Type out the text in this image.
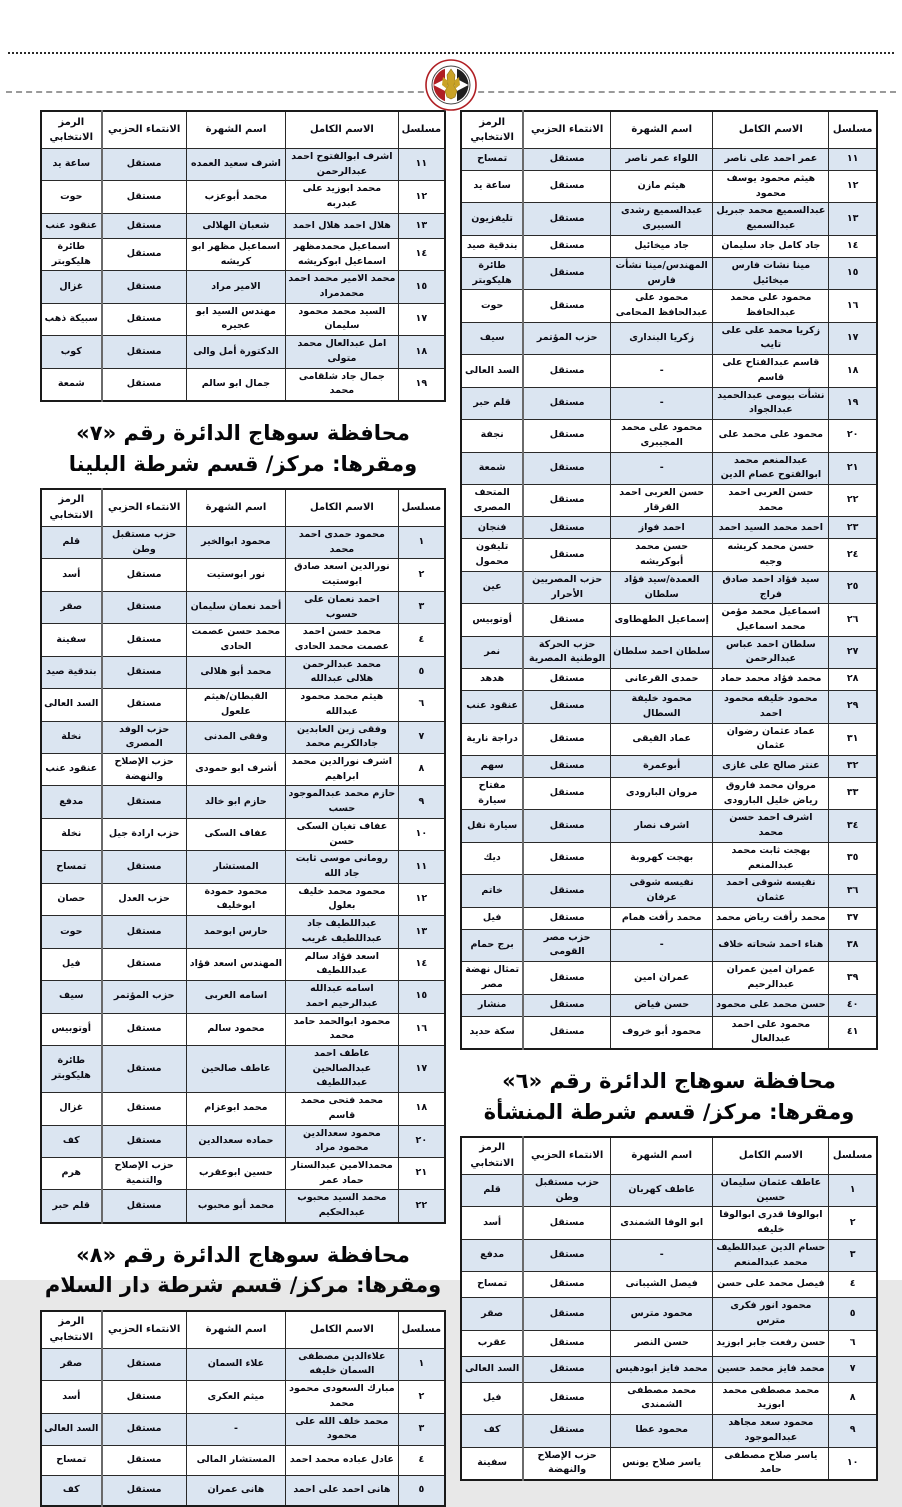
مسلسل	الاسم الكامل	اسم الشهرة	الانتماء الحزبي	الرمز الانتخابي
١١	عمر احمد على ناصر	اللواء عمر ناصر	مستقل	تمساح
١٢	هيثم محمود يوسف محمود	هيثم مازن	مستقل	ساعة يد
١٣	عبدالسميع محمد جبريل عبدالسميع	عبدالسميع رشدى السبيرى	مستقل	تليفزيون
١٤	جاد كامل جاد سليمان	جاد ميخائيل	مستقل	بندقية صيد
١٥	مينا نشات فارس ميخائيل	المهندس/مينا نشأت فارس	مستقل	طائرة هليكوبتر
١٦	محمود على محمد عبدالحافظ	محمود على عبدالحافظ المحامى	مستقل	حوت
١٧	زكريا محمد على على تايب	زكريا البندارى	حزب المؤتمر	سيف
١٨	قاسم عبدالفتاح على قاسم	-	مستقل	السد العالى
١٩	نشأت بيومى عبدالحميد عبدالجواد	-	مستقل	قلم حبر
٢٠	محمود على محمد على	محمود على محمد المجيبرى	مستقل	نجفة
٢١	عبدالمنعم محمد ابوالفتوح عصام الدين	-	مستقل	شمعة
٢٢	حسن العربى احمد محمد	حسن العربى احمد القرقار	مستقل	المتحف المصرى
٢٣	احمد محمد السيد احمد	احمد فواز	مستقل	فنجان
٢٤	حسن محمد كريشه وجيه	حسن محمد أبوكريشه	مستقل	تليفون محمول
٢٥	سيد فؤاد احمد صادق فراج	العمدة/سيد فؤاد سلطان	حزب المصريين الأحرار	عين
٢٦	اسماعيل محمد مؤمن محمد اسماعيل	إسماعيل الطهطاوى	مستقل	أوتوبيس
٢٧	سلطان احمد عباس عبدالرحمن	سلطان احمد سلطان	حزب الحركة الوطنية المصرية	نمر
٢٨	محمد فؤاد محمد حماد	حمدى القرعانى	مستقل	هدهد
٢٩	محمود خليفه محمود احمد	محمود خليفة السطال	مستقل	عنقود عنب
٣١	عماد عثمان رضوان عثمان	عماد القيقى	مستقل	دراجة نارية
٣٢	عنتر صالح على غازى	أبوعمرة	مستقل	سهم
٣٣	مروان محمد فاروق رياض خليل البارودى	مروان البارودى	مستقل	مفتاح سيارة
٣٤	اشرف احمد حسن محمد	اشرف نصار	مستقل	سيارة نقل
٣٥	بهجت ثابت محمد عبدالمنعم	بهجت كهروبة	مستقل	ديك
٣٦	نفيسه شوقى احمد عثمان	نفيسه شوقى عرفان	مستقل	خاتم
٣٧	محمد رأفت رياض محمد	محمد رأفت همام	مستقل	فيل
٣٨	هناء احمد شحاته خلاف	-	حزب مصر القومى	برج حمام
٣٩	عمران امين عمران عبدالرحيم	عمران امين	مستقل	تمثال نهضة مصر
٤٠	حسن محمد على محمود	حسن فياض	مستقل	منشار
٤١	محمود على احمد عبدالعال	محمود أبو خروف	مستقل	سكة حديد
محافظة سوهاج الدائرة رقم «٦»
ومقرها: مركز/ قسم شرطة المنشأة
مسلسل	الاسم الكامل	اسم الشهرة	الانتماء الحزبي	الرمز الانتخابي
١	عاطف عثمان سليمان حسين	عاطف كهربان	حزب مستقبل وطن	قلم
٢	ابوالوفا قدرى ابوالوفا خليفه	ابو الوفا الشمندى	مستقل	أسد
٣	حسام الدين عبداللطيف محمد عبدالمنعم	-	مستقل	مدفع
٤	فيصل محمد على حسن	فيصل الشيبانى	مستقل	تمساح
٥	محمود انور فكرى مترس	محمود مترس	مستقل	صقر
٦	حسن رفعت جابر ابوزيد	حسن النصر	مستقل	عقرب
٧	محمد فايز محمد حسين	محمد فايز ابودهيس	مستقل	السد العالى
٨	محمد مصطفى محمد ابوزيد	محمد مصطفى الشمندى	مستقل	فيل
٩	محمود سعد مجاهد عبدالموجود	محمود عطا	مستقل	كف
١٠	ياسر صلاح مصطفى حامد	ياسر صلاح يونس	حزب الإصلاح والنهضة	سفينة
مسلسل	الاسم الكامل	اسم الشهرة	الانتماء الحزبي	الرمز الانتخابي
١١	اشرف ابوالفتوح احمد عبدالرحمن	اشرف سعيد العمده	مستقل	ساعة يد
١٢	محمد ابوزيد على عبدربه	محمد أبوعزب	مستقل	حوت
١٣	هلال احمد هلال احمد	شعبان الهلالى	مستقل	عنقود عنب
١٤	اسماعيل محمدمظهر اسماعيل ابوكريشه	اسماعيل مظهر ابو كريشه	مستقل	طائرة هليكوبتر
١٥	محمد الامير محمد احمد محمدمراد	الامير مراد	مستقل	غزال
١٧	السيد محمد محمود سليمان	مهندس السيد ابو عجيره	مستقل	سبيكة ذهب
١٨	امل عبدالعال محمد متولى	الدكتورة أمل والى	مستقل	كوب
١٩	جمال جاد شلقامى محمد	جمال ابو سالم	مستقل	شمعة
محافظة سوهاج الدائرة رقم «٧»
ومقرها: مركز/ قسم شرطة البلينا
مسلسل	الاسم الكامل	اسم الشهرة	الانتماء الحزبي	الرمز الانتخابي
١	محمود حمدى احمد محمد	محمود ابوالخير	حزب مستقبل وطن	قلم
٢	نورالدين اسعد صادق ابوستيت	نور ابوستيت	مستقل	أسد
٣	احمد نعمان على حسوب	أحمد نعمان سليمان	مستقل	صقر
٤	محمد حسن احمد عصمت محمد الحادى	محمد حسن عصمت الحادى	مستقل	سفينة
٥	محمد عبدالرحمن هلالى عبدالله	محمد أبو هلالى	مستقل	بندقية صيد
٦	هيثم محمد محمود عبدالله	القبطان/هيثم علعول	مستقل	السد العالى
٧	وفقى زين العابدين جادالكريم محمد	وفقى المدنى	حزب الوفد المصرى	نخلة
٨	اشرف نورالدين محمد ابراهيم	أشرف ابو حمودى	حزب الإصلاح والنهضة	عنقود عنب
٩	حازم محمد عبدالموجود حسب	حازم ابو خالد	مستقل	مدفع
١٠	عفاف تغيان السكى حسن	عفاف السكى	حزب ارادة جيل	نخلة
١١	رومانى موسى ثابت جاد الله	المستشار	مستقل	تمساح
١٢	محمود محمد خليف بعلول	محمود حمودة ابوخليف	حزب العدل	حصان
١٣	عبداللطيف جاد عبداللطيف غريب	حارس ابوحمد	مستقل	حوت
١٤	اسعد فؤاد سالم عبداللطيف	المهندس اسعد فؤاد	مستقل	فيل
١٥	اسامه عبدالله عبدالرحيم احمد	اسامه العربى	حزب المؤتمر	سيف
١٦	محمود ابوالحمد حامد محمد	محمود سالم	مستقل	أوتوبيس
١٧	عاطف احمد عبدالصالحين عبداللطيف	عاطف صالحين	مستقل	طائرة هليكوبتر
١٨	محمد فتحى محمد قاسم	محمد ابوعزام	مستقل	غزال
٢٠	محمود سعدالدين محمود مراد	حماده سعدالدين	مستقل	كف
٢١	محمدالامين عبدالستار حماد عمر	حسين ابوعقرب	حزب الإصلاح والتنمية	هرم
٢٢	محمد السيد محبوب عبدالحكيم	محمد أبو محبوب	مستقل	قلم حبر
محافظة سوهاج الدائرة رقم «٨»
ومقرها: مركز/ قسم شرطة دار السلام
مسلسل	الاسم الكامل	اسم الشهرة	الانتماء الحزبي	الرمز الانتخابي
١	علاءالدين مصطفى السمان خليفه	علاء السمان	مستقل	صقر
٢	مبارك السعودى محمود محمد	ميثم العكرى	مستقل	أسد
٣	محمد خلف الله على محمود	-	مستقل	السد العالى
٤	عادل عباده محمد احمد	المستشار المالى	مستقل	تمساح
٥	هانى احمد على احمد	هانى عمران	مستقل	كف
